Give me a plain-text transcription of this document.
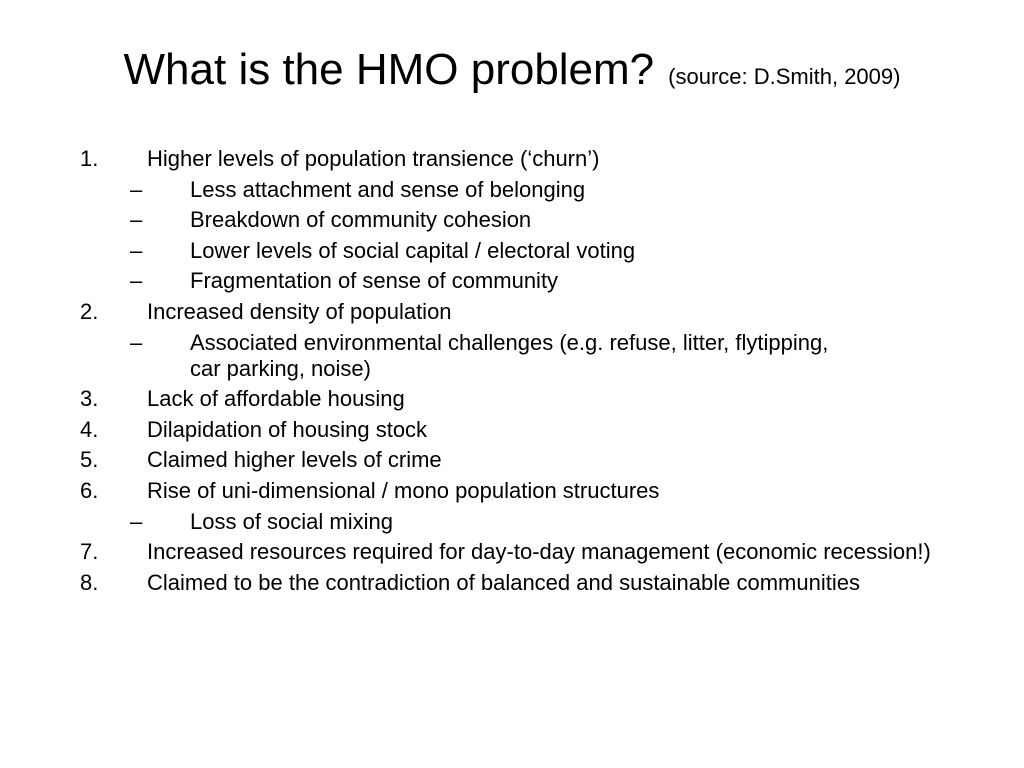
What is the HMO problem? (source: D.Smith, 2009)
1. Higher levels of population transience (‘churn’)
– Less attachment and sense of belonging
– Breakdown of community cohesion
– Lower levels of social capital / electoral voting
– Fragmentation of sense of community
2. Increased density of population
– Associated environmental challenges (e.g. refuse, litter, flytipping, car parking, noise)
3. Lack of affordable housing
4. Dilapidation of housing stock
5. Claimed higher levels of crime
6. Rise of uni-dimensional / mono population structures
– Loss of social mixing
7. Increased resources required for day-to-day management (economic recession!)
8. Claimed to be the contradiction of balanced and sustainable communities
